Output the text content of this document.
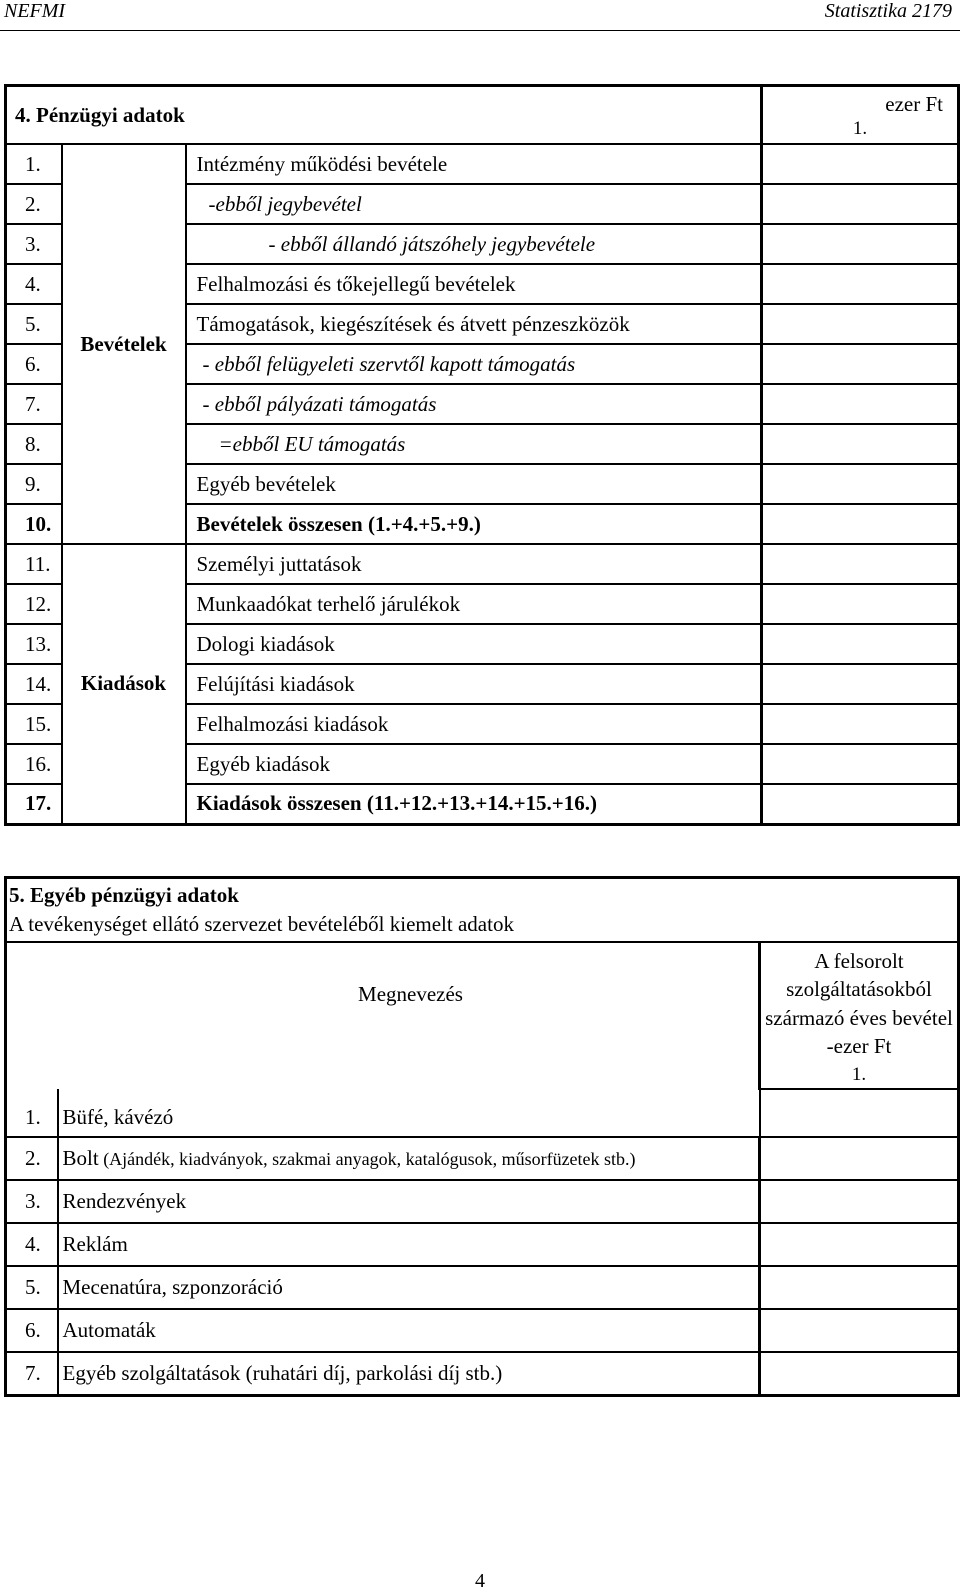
NEFMI	Statisztika 2179
4. Pénzügyi adatok			ezer Ft
1.

1.	Bevételek	Intézmény működési bevétele	
2.		-ebből jegybevétel	
3.		- ebből állandó játszóhely jegybevétele	
4.		Felhalmozási és tőkejellegű bevételek	
5.		Támogatások, kiegészítések és átvett pénzeszközök	
6.		- ebből felügyeleti szervtől kapott támogatás	
7.		- ebből pályázati támogatás	
8.		=ebből EU támogatás	
9.		Egyéb bevételek	
10.		Bevételek összesen (1.+4.+5.+9.)	
11.	Kiadások	Személyi juttatások	
12.		Munkaadókat terhelő járulékok	
13.		Dologi kiadások	
14.		Felújítási kiadások	
15.		Felhalmozási kiadások	
16.		Egyéb kiadások	
17.		Kiadások összesen (11.+12.+13.+14.+15.+16.)	
5. Egyéb pénzügyi adatok
A tevékenységet ellátó szervezet bevételéből kiemelt adatok		

Megnevezés		A felsorolt szolgáltatásokból származó éves bevétel -ezer Ft
1.

1.	Büfé, kávézó	
2.	Bolt (Ajándék, kiadványok, szakmai anyagok, katalógusok, műsorfüzetek stb.)	
3.	Rendezvények	
4.	Reklám	
5.	Mecenatúra, szponzoráció	
6.	Automaták	
7.	Egyéb szolgáltatások (ruhatári díj, parkolási díj stb.)	
4
